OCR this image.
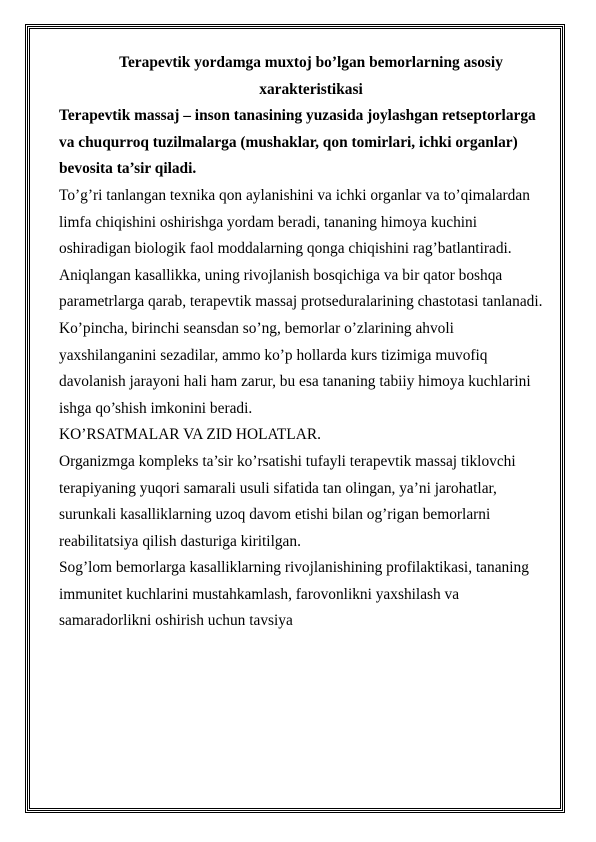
Terapevtik yordamga muxtoj bo’lgan bemorlarning asosiy
xarakteristikasi

Terapevtik massaj – inson tanasining yuzasida joylashgan retseptorlarga va chuqurroq tuzilmalarga (mushaklar, qon tomirlari, ichki organlar) bevosita ta’sir qiladi.

To’g’ri tanlangan texnika qon aylanishini va ichki organlar va to’qimalardan limfa chiqishini oshirishga yordam beradi, tananing himoya kuchini oshiradigan biologik faol moddalarning qonga chiqishini rag’batlantiradi. Aniqlangan kasallikka, uning rivojlanish bosqichiga va bir qator boshqa parametrlarga qarab, terapevtik massaj protseduralarining chastotasi tanlanadi.

Ko’pincha, birinchi seansdan so’ng, bemorlar o’zlarining ahvoli yaxshilanganini sezadilar, ammo ko’p hollarda kurs tizimiga muvofiq davolanish jarayoni hali ham zarur, bu esa tananing tabiiy himoya kuchlarini ishga qo’shish imkonini beradi.

KO’RSATMALAR VA ZID HOLATLAR.

Organizmga kompleks ta’sir ko’rsatishi tufayli terapevtik massaj tiklovchi terapiyaning yuqori samarali usuli sifatida tan olingan, ya’ni jarohatlar, surunkali kasalliklarning uzoq davom etishi bilan og’rigan bemorlarni reabilitatsiya qilish dasturiga kiritilgan.

Sog’lom bemorlarga kasalliklarning rivojlanishining profilaktikasi, tananing immunitet kuchlarini mustahkamlash, farovonlikni yaxshilash va samaradorlikni oshirish uchun tavsiya
